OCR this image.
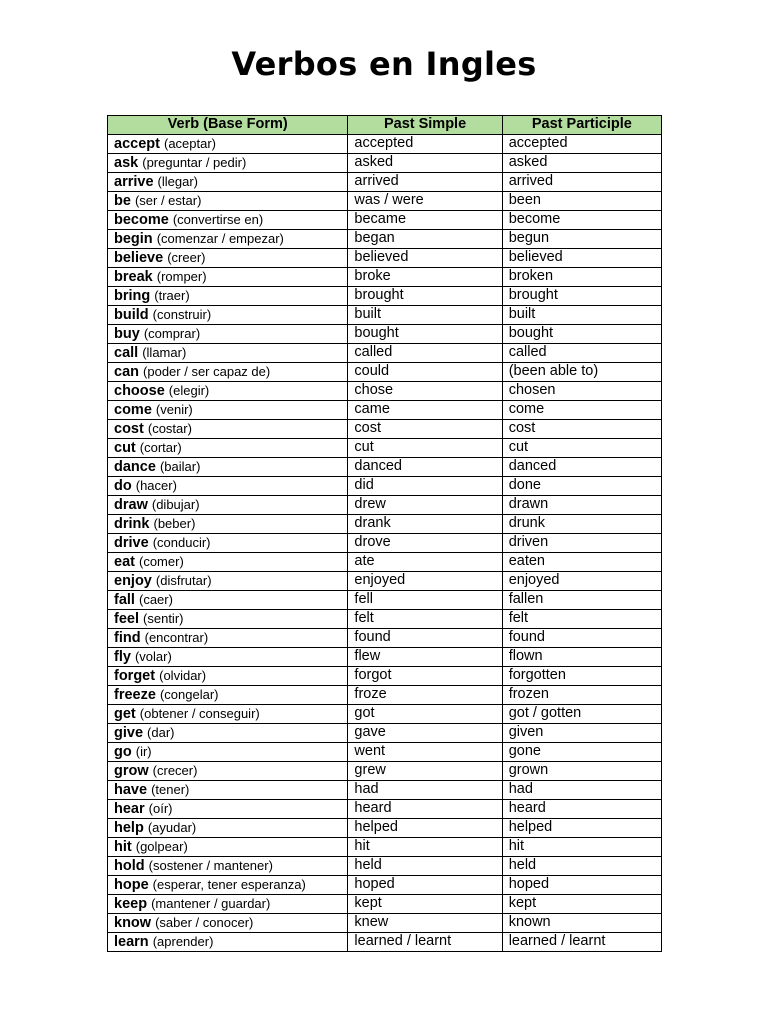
Verbos en Ingles
Verb (Base Form)	Past Simple	Past Participle
accept (aceptar)	accepted	accepted
ask (preguntar / pedir)	asked	asked
arrive (llegar)	arrived	arrived
be (ser / estar)	was / were	been
become (convertirse en)	became	become
begin (comenzar / empezar)	began	begun
believe (creer)	believed	believed
break (romper)	broke	broken
bring (traer)	brought	brought
build (construir)	built	built
buy (comprar)	bought	bought
call (llamar)	called	called
can (poder / ser capaz de)	could	(been able to)
choose (elegir)	chose	chosen
come (venir)	came	come
cost (costar)	cost	cost
cut (cortar)	cut	cut
dance (bailar)	danced	danced
do (hacer)	did	done
draw (dibujar)	drew	drawn
drink (beber)	drank	drunk
drive (conducir)	drove	driven
eat (comer)	ate	eaten
enjoy (disfrutar)	enjoyed	enjoyed
fall (caer)	fell	fallen
feel (sentir)	felt	felt
find (encontrar)	found	found
fly (volar)	flew	flown
forget (olvidar)	forgot	forgotten
freeze (congelar)	froze	frozen
get (obtener / conseguir)	got	got / gotten
give (dar)	gave	given
go (ir)	went	gone
grow (crecer)	grew	grown
have (tener)	had	had
hear (oír)	heard	heard
help (ayudar)	helped	helped
hit (golpear)	hit	hit
hold (sostener / mantener)	held	held
hope (esperar, tener esperanza)	hoped	hoped
keep (mantener / guardar)	kept	kept
know (saber / conocer)	knew	known
learn (aprender)	learned / learnt	learned / learnt
